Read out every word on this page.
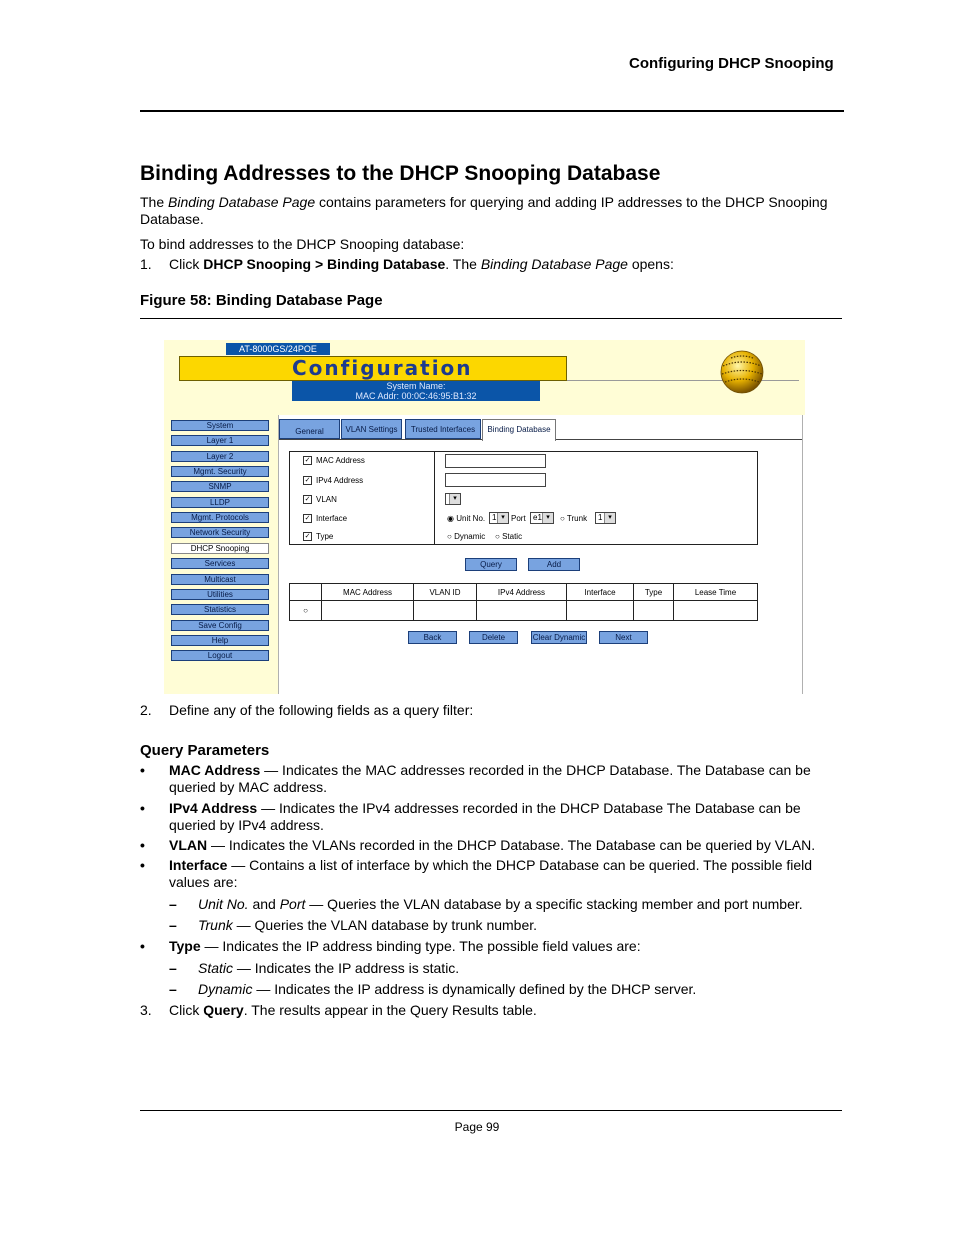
Configuring DHCP Snooping
Binding Addresses to the DHCP Snooping Database

The Binding Database Page contains parameters for querying and adding IP addresses to the DHCP Snooping Database.

To bind addresses to the DHCP Snooping database:

1. Click DHCP Snooping > Binding Database. The Binding Database Page opens:
Figure 58: Binding Database Page
AT-8000GS/24POE
Configuration
System Name:
MAC Addr: 00:0C:46:95:B1:32
General	VLAN Settings	Trusted Interfaces	Binding Database
✓ MAC Address
✓ IPv4 Address
✓ VLAN
✓ Interface
✓ Type
▾
◉ Unit No. 1 ▾ Port e1 ▾	○ Trunk	1 ▾
○ Dynamic ○ Static
Query	Add
	MAC Address	VLAN ID	IPv4 Address	Interface	Type	Lease Time
○						
Back	Delete	Clear Dynamic	Next
System
Layer 1
Layer 2
Mgmt. Security
SNMP
LLDP
Mgmt. Protocols
Network Security
DHCP Snooping
Services
Multicast
Utilities
Statistics
Save Config
Help
Logout
2. Define any of the following fields as a query filter:
Query Parameters
• MAC Address — Indicates the MAC addresses recorded in the DHCP Database. The Database can be queried by MAC address.
• IPv4 Address — Indicates the IPv4 addresses recorded in the DHCP Database The Database can be queried by IPv4 address.
• VLAN — Indicates the VLANs recorded in the DHCP Database. The Database can be queried by VLAN.
• Interface — Contains a list of interface by which the DHCP Database can be queried. The possible field values are:
– Unit No. and Port — Queries the VLAN database by a specific stacking member and port number.
– Trunk — Queries the VLAN database by trunk number.
• Type — Indicates the IP address binding type. The possible field values are:
– Static — Indicates the IP address is static.
– Dynamic — Indicates the IP address is dynamically defined by the DHCP server.
3. Click Query. The results appear in the Query Results table.
Page 99
